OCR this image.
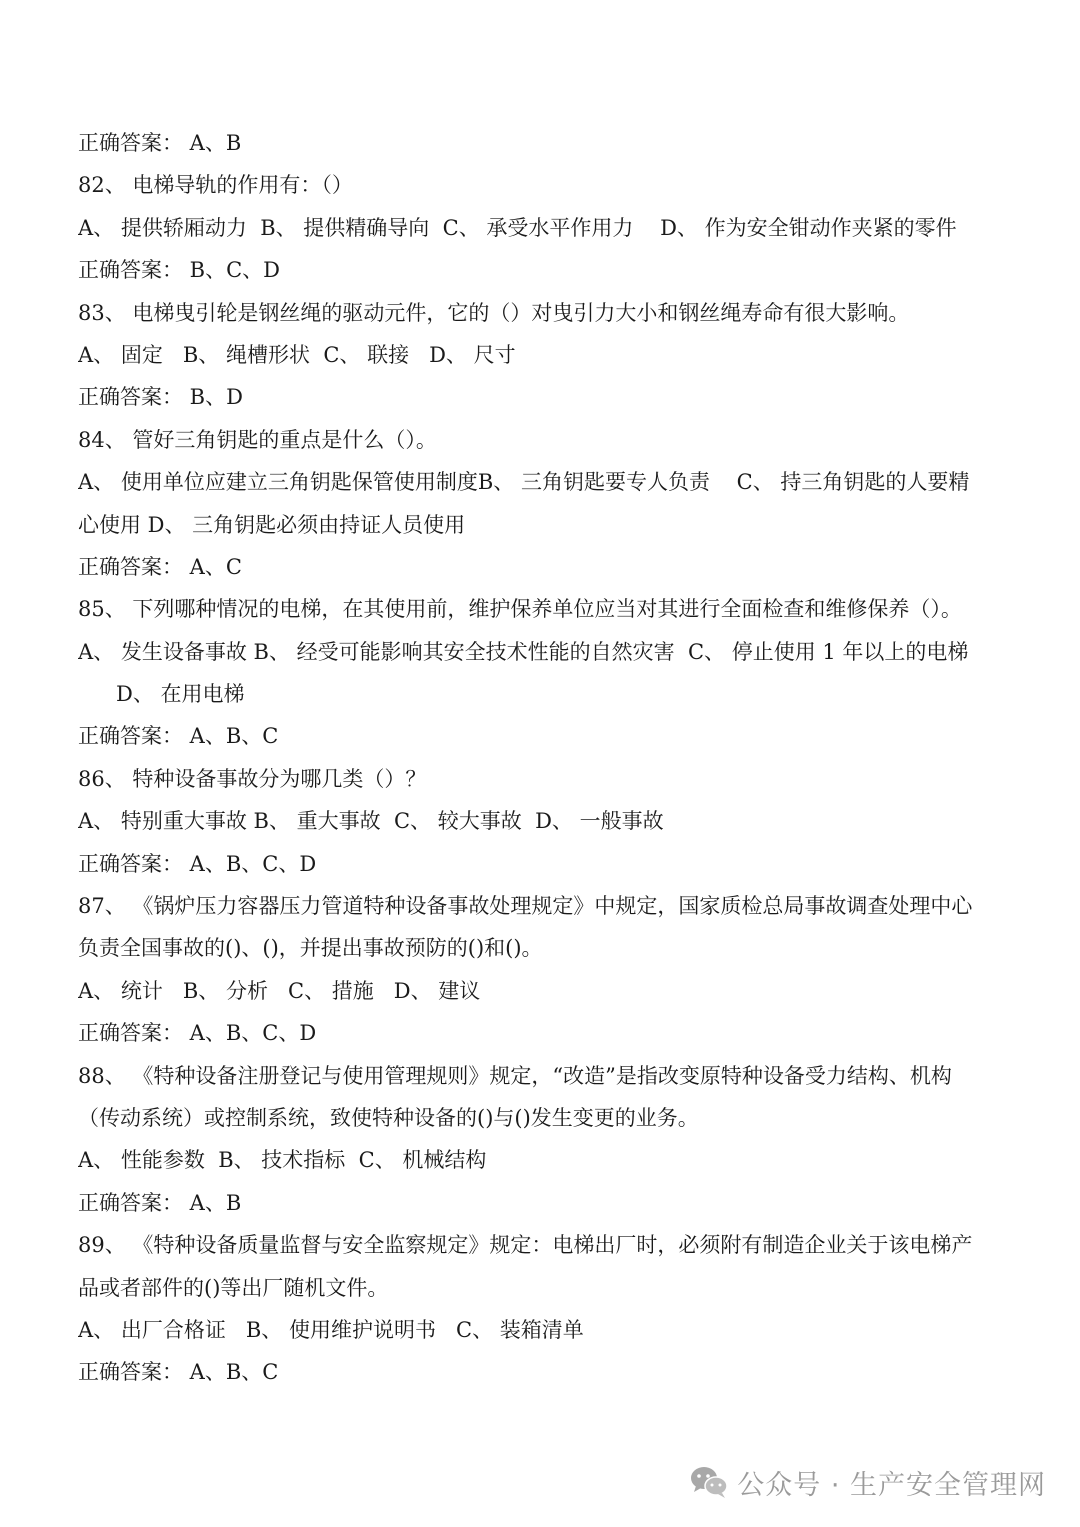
正确答案： A、B
82、 电梯导轨的作用有：（）
A、 提供轿厢动力  B、 提供精确导向  C、 承受水平作用力    D、 作为安全钳动作夹紧的零件
正确答案： B、C、D
83、 电梯曳引轮是钢丝绳的驱动元件，它的（）对曳引力大小和钢丝绳寿命有很大影响。
A、 固定   B、 绳槽形状  C、 联接   D、 尺寸
正确答案： B、D
84、 管好三角钥匙的重点是什么（）。
A、 使用单位应建立三角钥匙保管使用制度B、 三角钥匙要专人负责    C、 持三角钥匙的人要精
心使用 D、 三角钥匙必须由持证人员使用
正确答案： A、C
85、 下列哪种情况的电梯，在其使用前，维护保养单位应当对其进行全面检查和维修保养（）。
A、 发生设备事故 B、 经受可能影响其安全技术性能的自然灾害  C、 停止使用 1 年以上的电梯
D、 在用电梯
正确答案： A、B、C
86、 特种设备事故分为哪几类（）？
A、 特别重大事故 B、 重大事故  C、 较大事故  D、 一般事故
正确答案： A、B、C、D
87、 《锅炉压力容器压力管道特种设备事故处理规定》中规定，国家质检总局事故调查处理中心
负责全国事故的()、()，并提出事故预防的()和()。
A、 统计   B、 分析   C、 措施   D、 建议
正确答案： A、B、C、D
88、 《特种设备注册登记与使用管理规则》规定，“改造”是指改变原特种设备受力结构、机构
（传动系统）或控制系统，致使特种设备的()与()发生变更的业务。
A、 性能参数  B、 技术指标  C、 机械结构
正确答案： A、B
89、 《特种设备质量监督与安全监察规定》规定：电梯出厂时，必须附有制造企业关于该电梯产
品或者部件的()等出厂随机文件。
A、 出厂合格证   B、 使用维护说明书   C、 装箱清单
正确答案： A、B、C
公众号 · 生产安全管理网
